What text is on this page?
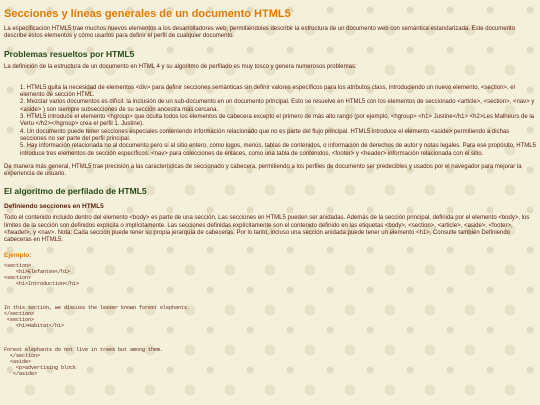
Secciones y líneas generales de un documento HTML5

La especificación HTML5 trae muchos nuevos elementos a los desarrolladores web, permitiéndoles describir la estructura de un documento web con semántica estandarizada. Este documento describe estos elementos y cómo usarlos para definir el perfil de cualquier documento.

Problemas resueltos por HTML5

La definición de la estructura de un documento en HTML 4 y su algoritmo de perfilado es muy tosco y genera numerosos problemas:

1. HTML5 quita la necesidad de elementos <div> para definir secciones semánticas sin definir valores específicos para los atributos class, introduciendo un nuevo elemento, <section>, el elemento de sección HTML.
2. Mezclar varios documentos es difícil: la inclusión de un sub-documento en un documento principal. Esto se resuelve en HTML5 con los elementos de seccionado <article>, <section>, <nav> y <aside> ) son siempre subsecciones de su sección ancestra más cercana.
3. HTML5 introduce el elemento <hgroup> que oculta todos los elementos de cabecera excepto el primero de más alto rango (por ejemplo, <hgroup> <h1> Justine</h1> <h2>Les Malheurs de la Vertu </h2></hgroup> crea el perfil 1. Justine).
4. Un documento puede tener secciones especiales conteniendo información relacionado que no es parte del flujo principal. HTML5 introduce el elemento <aside> permitiendo a dichas secciones no ser parte del perfil principal.
5. Hay información relacionada no al documento pero sí al sitio entero, como logos, menús, tablas de contenidos, o información de derechos de autor y notas legales. Para ese propósito, HTML5 introduce tres elementos de sección específicos: <nav> para colecciones de enlaces, como una tabla de contenidos, <footer> y <header> información relacionada con el sitio.

De manera más general, HTML5 trae precisión a las características de seccionado y cabecera, permitiendo a los perfiles de documento ser predecibles y usados por el navegador para mejorar la experiencia de usuario.

El algoritmo de perfilado de HTML5
Definiendo secciones en HTML5

Todo el contenido incluido dentro del elemento <body> es parte de una sección. Las secciones en HTML5 pueden ser anidadas. Además de la sección principal, definida por el elemento <body>, los límites de la sección son definidos explícita o implícitamente. Las secciones definidas explícitamente son el contenido definido en las etiquetas <body>, <section>, <article>, <aside>, <footer>, <header>, y <nav>. Nota: Cada sección puede tener su propia jerarquía de cabeceras. Por lo tanto, incluso una sección anidada puede tener un elemento <h1>. Consulte también Definiendo cabeceras en HTML5.

Ejemplo:
<section>
<h1>Elefantes</h1>
<section>
<h1>Introduction</h1>

In this section, we discuss the lesser known forest elephants.
</section>
<section>
<h1>Habitat</h1>

Forest elephants do not live in trees but among them.
</section>
<aside>
<p>advertising block
</aside>
